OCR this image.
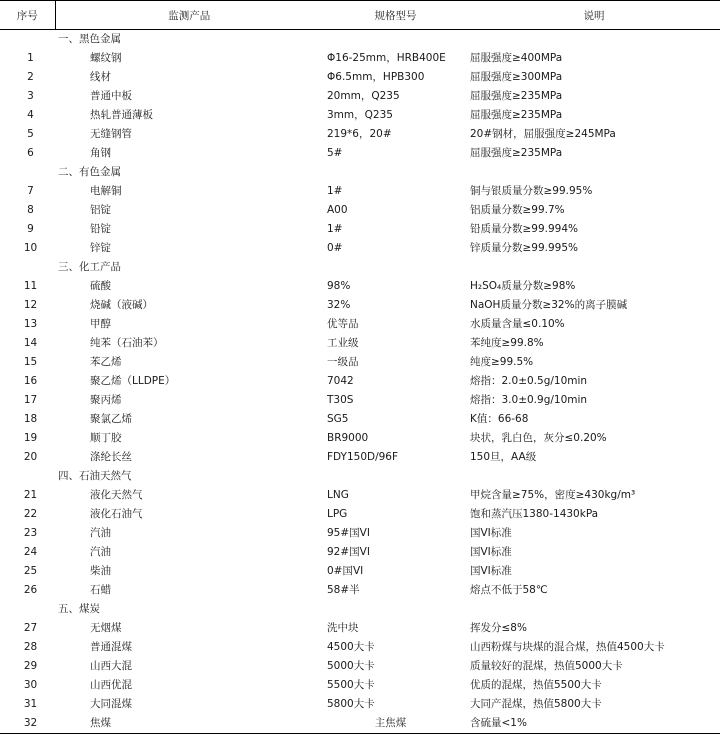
序号	监测产品	规格型号	说明
	一、黑色金属		
1	螺纹钢	Φ16-25mm，HRB400E	屈服强度≥400MPa
2	线材	Φ6.5mm，HPB300	屈服强度≥300MPa
3	普通中板	20mm，Q235	屈服强度≥235MPa
4	热轧普通薄板	3mm，Q235	屈服强度≥235MPa
5	无缝钢管	219*6，20#	20#钢材，屈服强度≥245MPa
6	角钢	5#	屈服强度≥235MPa
	二、有色金属		
7	电解铜	1#	铜与银质量分数≥99.95%
8	铝锭	A00	铝质量分数≥99.7%
9	铅锭	1#	铅质量分数≥99.994%
10	锌锭	0#	锌质量分数≥99.995%
	三、化工产品		
11	硫酸	98%	H₂SO₄质量分数≥98%
12	烧碱（液碱）	32%	NaOH质量分数≥32%的离子膜碱
13	甲醇	优等品	水质量含量≤0.10%
14	纯苯（石油苯）	工业级	苯纯度≥99.8%
15	苯乙烯	一级品	纯度≥99.5%
16	聚乙烯（LLDPE）	7042	熔指：2.0±0.5g/10min
17	聚丙烯	T30S	熔指：3.0±0.9g/10min
18	聚氯乙烯	SG5	K值：66-68
19	顺丁胶	BR9000	块状，乳白色，灰分≤0.20%
20	涤纶长丝	FDY150D/96F	150旦，AA级
	四、石油天然气		
21	液化天然气	LNG	甲烷含量≥75%，密度≥430kg/m³
22	液化石油气	LPG	饱和蒸汽压1380-1430kPa
23	汽油	95#国VI	国VI标准
24	汽油	92#国VI	国VI标准
25	柴油	0#国VI	国VI标准
26	石蜡	58#半	熔点不低于58℃
	五、煤炭		
27	无烟煤	洗中块	挥发分≤8%
28	普通混煤	4500大卡	山西粉煤与块煤的混合煤，热值4500大卡
29	山西大混	5000大卡	质量较好的混煤，热值5000大卡
30	山西优混	5500大卡	优质的混煤，热值5500大卡
31	大同混煤	5800大卡	大同产混煤，热值5800大卡
32	焦煤	主焦煤	含硫量<1%
